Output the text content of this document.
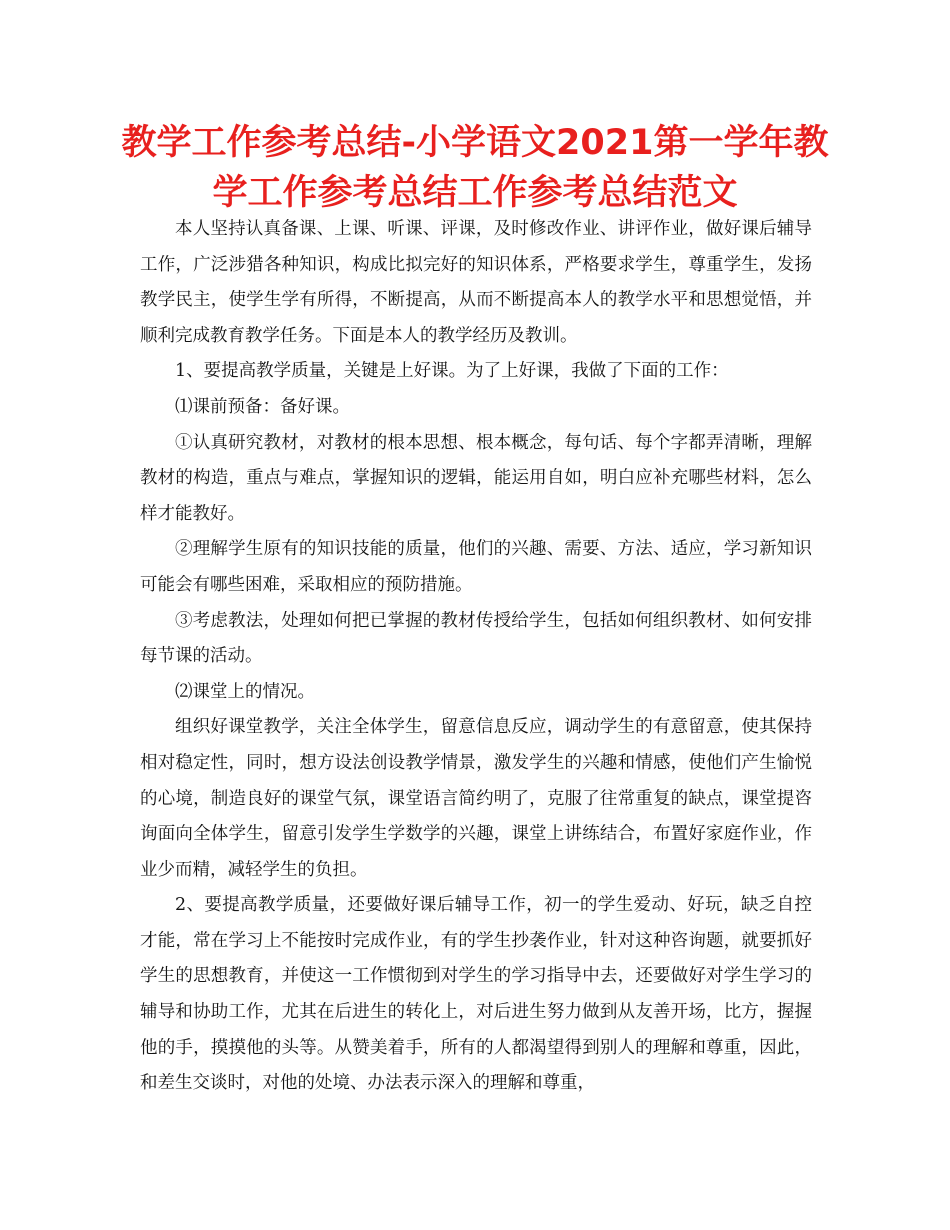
教学工作参考总结-小学语文2021第一学年教学工作参考总结工作参考总结范文

本人坚持认真备课、上课、听课、评课，及时修改作业、讲评作业，做好课后辅导工作，广泛涉猎各种知识，构成比拟完好的知识体系，严格要求学生，尊重学生，发扬教学民主，使学生学有所得，不断提高，从而不断提高本人的教学水平和思想觉悟，并顺利完成教育教学任务。下面是本人的教学经历及教训。

1、要提高教学质量，关键是上好课。为了上好课，我做了下面的工作：

⑴课前预备：备好课。

①认真研究教材，对教材的根本思想、根本概念，每句话、每个字都弄清晰，理解教材的构造，重点与难点，掌握知识的逻辑，能运用自如，明白应补充哪些材料，怎么样才能教好。

②理解学生原有的知识技能的质量，他们的兴趣、需要、方法、适应，学习新知识可能会有哪些困难，采取相应的预防措施。

③考虑教法，处理如何把已掌握的教材传授给学生，包括如何组织教材、如何安排每节课的活动。

⑵课堂上的情况。

组织好课堂教学，关注全体学生，留意信息反应，调动学生的有意留意，使其保持相对稳定性，同时，想方设法创设教学情景，激发学生的兴趣和情感，使他们产生愉悦的心境，制造良好的课堂气氛，课堂语言简约明了，克服了往常重复的缺点，课堂提咨询面向全体学生，留意引发学生学数学的兴趣，课堂上讲练结合，布置好家庭作业，作业少而精，减轻学生的负担。

2、要提高教学质量，还要做好课后辅导工作，初一的学生爱动、好玩，缺乏自控才能，常在学习上不能按时完成作业，有的学生抄袭作业，针对这种咨询题，就要抓好学生的思想教育，并使这一工作惯彻到对学生的学习指导中去，还要做好对学生学习的辅导和协助工作，尤其在后进生的转化上，对后进生努力做到从友善开场，比方，握握他的手，摸摸他的头等。从赞美着手，所有的人都渴望得到别人的理解和尊重，因此，和差生交谈时，对他的处境、办法表示深入的理解和尊重，
